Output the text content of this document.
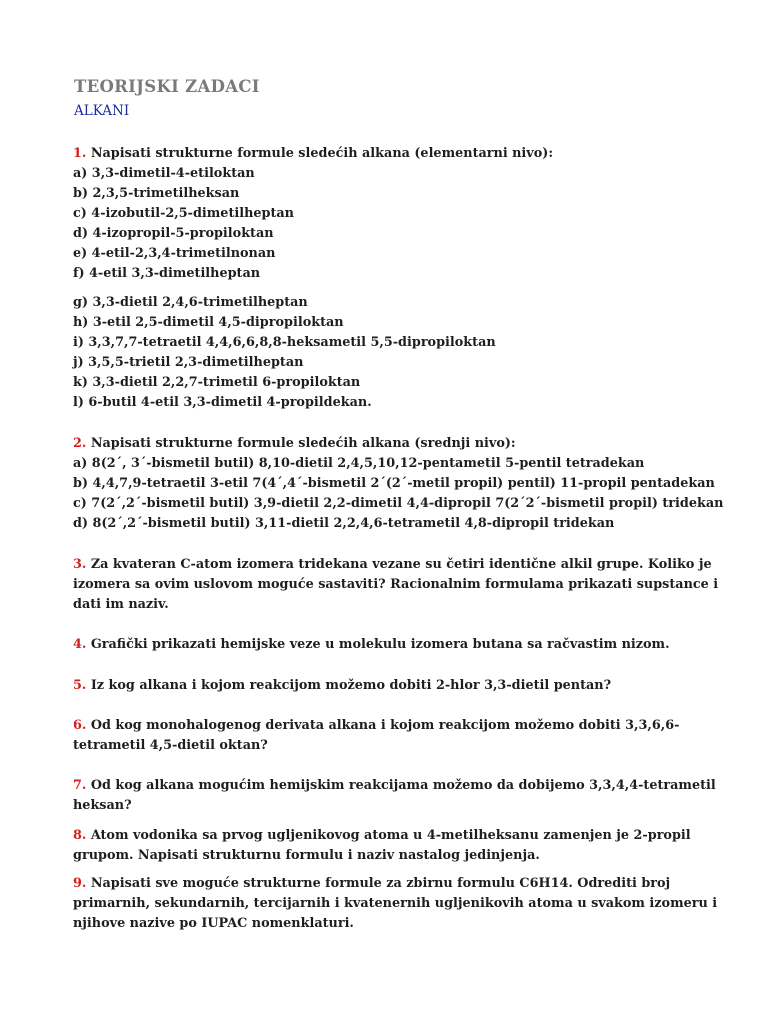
TEORIJSKI ZADACI
ALKANI
1. Napisati strukturne formule sledećih alkana (elementarni nivo):
a) 3,3-dimetil-4-etiloktan
b) 2,3,5-trimetilheksan
c) 4-izobutil-2,5-dimetilheptan
d) 4-izopropil-5-propiloktan
e) 4-etil-2,3,4-trimetilnonan
f) 4-etil 3,3-dimetilheptan
g) 3,3-dietil 2,4,6-trimetilheptan
h) 3-etil 2,5-dimetil 4,5-dipropiloktan
i) 3,3,7,7-tetraetil 4,4,6,6,8,8-heksametil 5,5-dipropiloktan
j) 3,5,5-trietil 2,3-dimetilheptan
k) 3,3-dietil 2,2,7-trimetil 6-propiloktan
l) 6-butil 4-etil 3,3-dimetil 4-propildekan.
2. Napisati strukturne formule sledećih alkana (srednji nivo):
a) 8(2´, 3´-bismetil butil) 8,10-dietil 2,4,5,10,12-pentametil 5-pentil tetradekan
b) 4,4,7,9-tetraetil 3-etil 7(4´,4´-bismetil 2´(2´-metil propil) pentil) 11-propil pentadekan
c) 7(2´,2´-bismetil butil) 3,9-dietil 2,2-dimetil 4,4-dipropil 7(2´2´-bismetil propil) tridekan
d) 8(2´,2´-bismetil butil) 3,11-dietil 2,2,4,6-tetrametil 4,8-dipropil tridekan
3. Za kvateran C-atom izomera tridekana vezane su četiri identične alkil grupe. Koliko je
izomera sa ovim uslovom moguće sastaviti? Racionalnim formulama prikazati supstance i
dati im naziv.
4. Grafički prikazati hemijske veze u molekulu izomera butana sa račvastim nizom.
5. Iz kog alkana i kojom reakcijom možemo dobiti 2-hlor 3,3-dietil pentan?
6. Od kog monohalogenog derivata alkana i kojom reakcijom možemo dobiti 3,3,6,6-
tetrametil 4,5-dietil oktan?
7. Od kog alkana mogućim hemijskim reakcijama možemo da dobijemo 3,3,4,4-tetrametil
heksan?
8. Atom vodonika sa prvog ugljenikovog atoma u 4-metilheksanu zamenjen je 2-propil
grupom. Napisati strukturnu formulu i naziv nastalog jedinjenja.
9. Napisati sve moguće strukturne formule za zbirnu formulu C6H14. Odrediti broj
primarnih, sekundarnih, tercijarnih i kvatenernih ugljenikovih atoma u svakom izomeru i
njihove nazive po IUPAC nomenklaturi.
